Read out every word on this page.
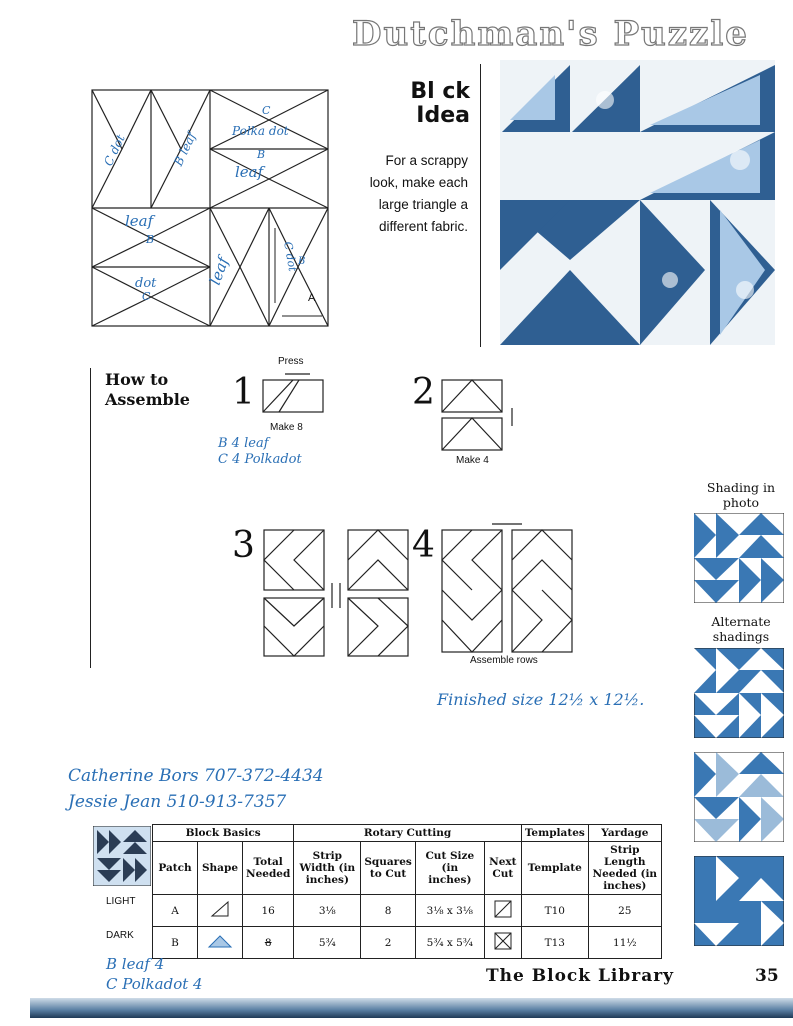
Dutchman's Puzzle
C dot	B leaf
C
Polka dot
B
leaf
leaf
B
leaf	C dot
B
dot
C	A
Bl ck
Idea
For a scrappy
look, make each
large triangle a
different fabric.
How to
Assemble 1
Press
Make 8
B 4 leaf
C 4 Polkadot
2
Make 4
3	4
Assemble rows
Shading in photo
Alternate shadings
Finished size 12½ x 12½.
Catherine Bors 707-372-4434
Jessie Jean 510-913-7357
Block Basics			Rotary Cutting				Templates	Yardage
Patch	Shape	Total Needed	Strip Width (in inches)	Squares to Cut	Cut Size (in inches)	Next Cut	Template	Strip Length Needed (in inches)
A		16	3⅛	8	3⅛ x 3⅛		T10	25
B		8	5¾	2	5¾ x 5¾		T13	11½
LIGHT
DARK
B leaf 4
C Polkadot 4	The Block Library	35
